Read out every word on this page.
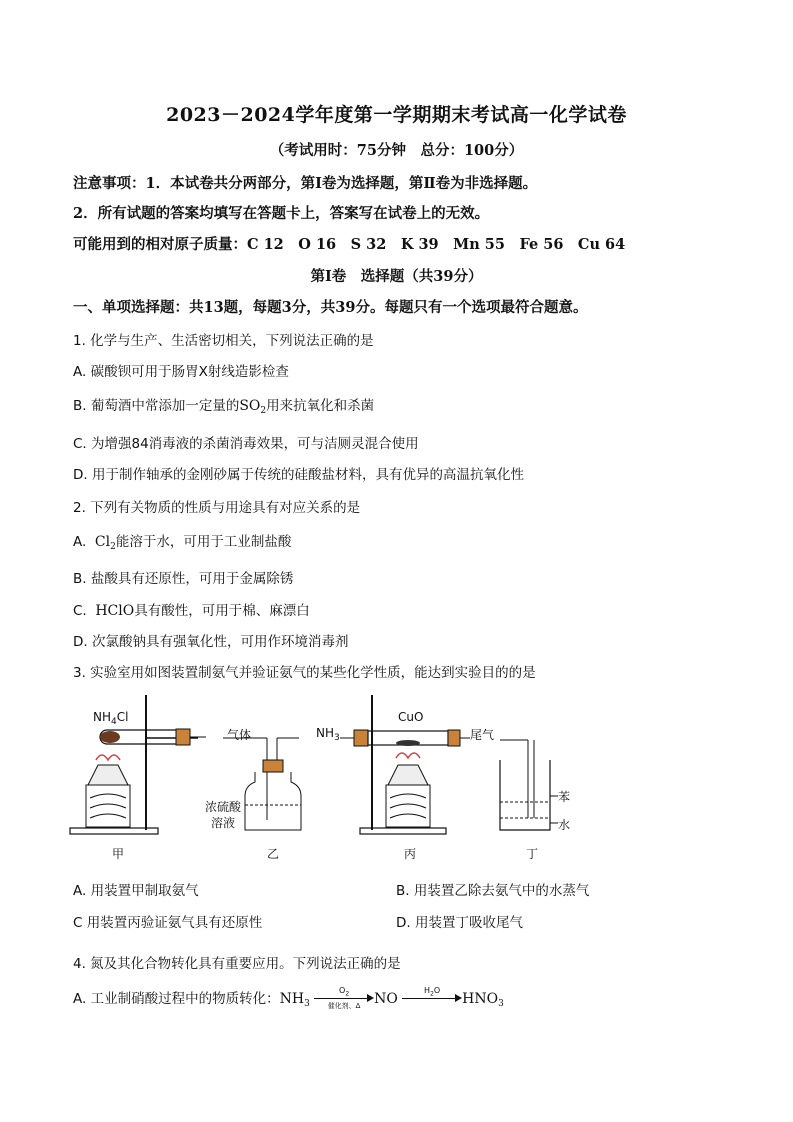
2023－2024学年度第一学期期末考试高一化学试卷
（考试用时：75分钟　总分：100分）
注意事项：1．本试卷共分两部分，第Ⅰ卷为选择题，第Ⅱ卷为非选择题。
2．所有试题的答案均填写在答题卡上，答案写在试卷上的无效。
可能用到的相对原子质量：C 12　O 16　S 32　K 39　Mn 55　Fe 56　Cu 64
第Ⅰ卷　选择题（共39分）
一、单项选择题：共13题，每题3分，共39分。每题只有一个选项最符合题意。
1. 化学与生产、生活密切相关，下列说法正确的是
A. 碳酸钡可用于肠胃X射线造影检查
B. 葡萄酒中常添加一定量的$SO_2$用来抗氧化和杀菌
C. 为增强84消毒液的杀菌消毒效果，可与洁厕灵混合使用
D. 用于制作轴承的金刚砂属于传统的硅酸盐材料，具有优异的高温抗氧化性
2. 下列有关物质的性质与用途具有对应关系的是
A. $Cl_2$能溶于水，可用于工业制盐酸
B. 盐酸具有还原性，可用于金属除锈
C. HClO具有酸性，可用于棉、麻漂白
D. 次氯酸钠具有强氧化性，可用作环境消毒剂
3. 实验室用如图装置制氨气并验证氨气的某些化学性质，能达到实验目的的是
$NH_4Cl$
甲
气体
浓硫酸
溶液
乙
$NH_3$
CuO
丙
尾气
苯
水
丁
A. 用装置甲制取氨气	B. 用装置乙除去氨气中的水蒸气
C 用装置丙验证氨气具有还原性	D. 用装置丁吸收尾气
4. 氮及其化合物转化具有重要应用。下列说法正确的是
A. 工业制硝酸过程中的物质转化：$NH_3$
$O_2$
催化剂、Δ NO
$H_2O$
$HNO_3$
